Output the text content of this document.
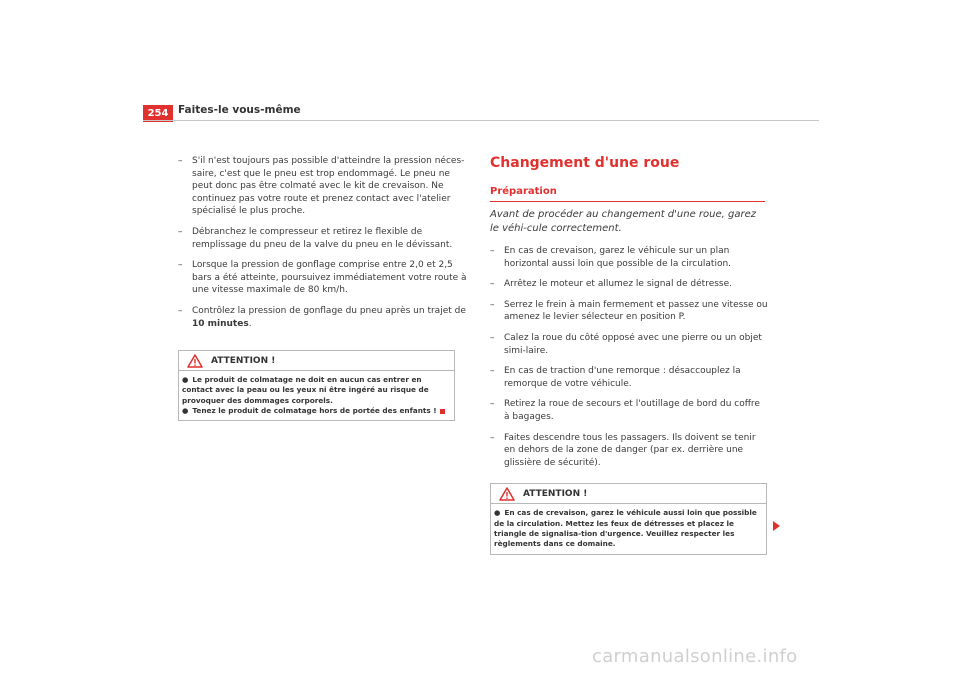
254 Faites-le vous-même
– S'il n'est toujours pas possible d'atteindre la pression néces-saire, c'est que le pneu est trop endommagé. Le pneu ne peut donc pas être colmaté avec le kit de crevaison. Ne continuez pas votre route et prenez contact avec l'atelier spécialisé le plus proche.
– Débranchez le compresseur et retirez le flexible de remplissage du pneu de la valve du pneu en le dévissant.
– Lorsque la pression de gonflage comprise entre 2,0 et 2,5 bars a été atteinte, poursuivez immédiatement votre route à une vitesse maximale de 80 km/h.
– Contrôlez la pression de gonflage du pneu après un trajet de 10 minutes.
ATTENTION !

● Le produit de colmatage ne doit en aucun cas entrer en contact avec la peau ou les yeux ni être ingéré au risque de provoquer des dommages corporels.

● Tenez le produit de colmatage hors de portée des enfants !

Changement d'une roue
Préparation

Avant de procéder au changement d'une roue, garez le véhi-cule correctement.

– En cas de crevaison, garez le véhicule sur un plan horizontal aussi loin que possible de la circulation.
– Arrêtez le moteur et allumez le signal de détresse.
– Serrez le frein à main fermement et passez une vitesse ou amenez le levier sélecteur en position P.
– Calez la roue du côté opposé avec une pierre ou un objet simi-laire.
– En cas de traction d'une remorque : désaccouplez la remorque de votre véhicule.
– Retirez la roue de secours et l'outillage de bord du coffre à bagages.
– Faites descendre tous les passagers. Ils doivent se tenir en dehors de la zone de danger (par ex. derrière une glissière de sécurité).
ATTENTION !

● En cas de crevaison, garez le véhicule aussi loin que possible de la circulation. Mettez les feux de détresses et placez le triangle de signalisa-tion d'urgence. Veuillez respecter les règlements dans ce domaine.

carmanualsonline.info
